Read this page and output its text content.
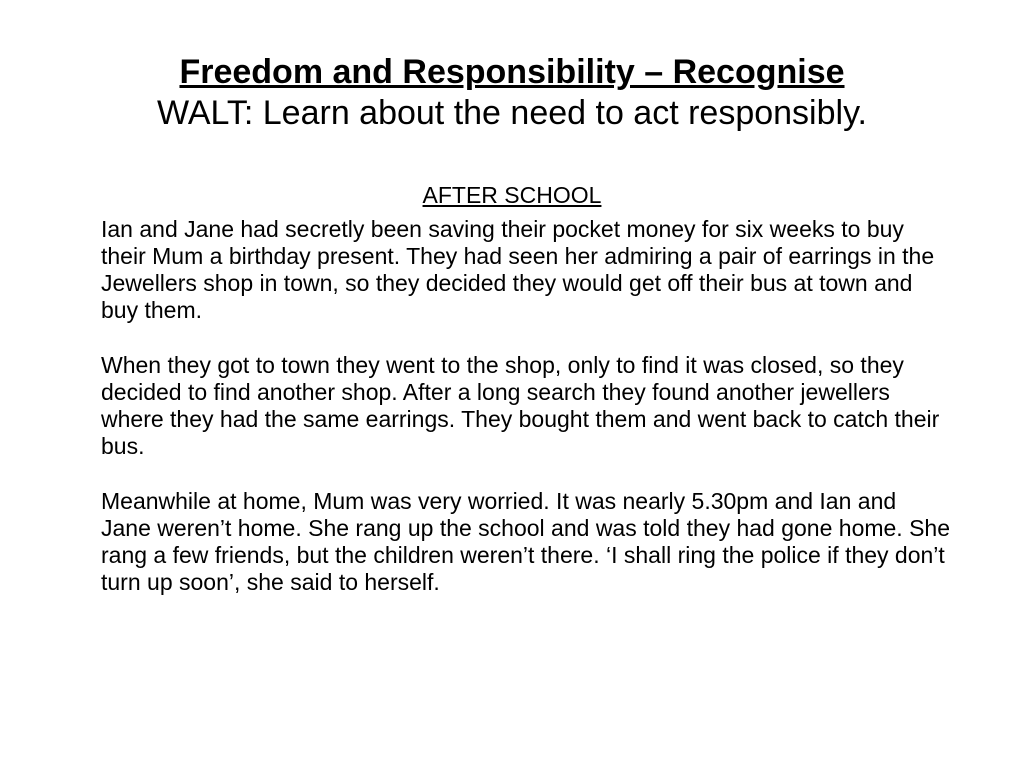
Freedom and Responsibility – Recognise

WALT: Learn about the need to act responsibly.

AFTER SCHOOL

Ian and Jane had secretly been saving their pocket money for six weeks to buy their Mum a birthday present. They had seen her admiring a pair of earrings in the Jewellers shop in town, so they decided they would get off their bus at town and buy them.

When they got to town they went to the shop, only to find it was closed, so they decided to find another shop. After a long search they found another jewellers where they had the same earrings. They bought them and went back to catch their bus.

Meanwhile at home, Mum was very worried. It was nearly 5.30pm and Ian and Jane weren’t home. She rang up the school and was told they had gone home. She rang a few friends, but the children weren’t there. ‘I shall ring the police if they don’t turn up soon’, she said to herself.
